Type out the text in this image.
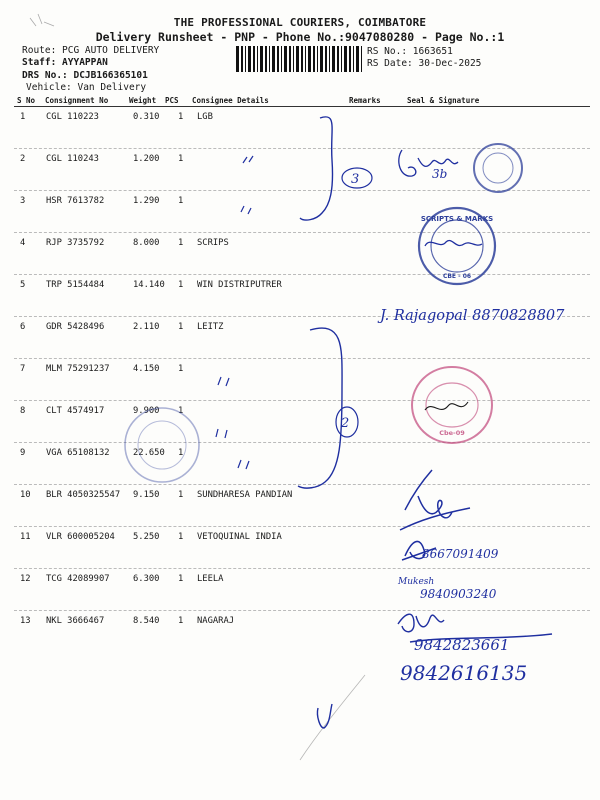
THE PROFESSIONAL COURIERS, COIMBATORE
Delivery Runsheet - PNP - Phone No.:9047080280 - Page No.:1
Route: PCG AUTO DELIVERY
Staff: AYYAPPAN
DRS No.: DCJB166365101
Vehicle: Van Delivery
RS No.: 1663651
RS Date: 30-Dec-2025
S No Consignment No	Weight PCS Consignee Details	Remarks	Seal & Signature
1 CGL 110223	0.310 1 LGB
2 CGL 110243	1.200 1
3 HSR 7613782	1.290 1
4 RJP 3735792	8.000 1 SCRIPS
5 TRP 5154484	14.140 1 WIN DISTRIPUTRER
6 GDR 5428496	2.110 1 LEITZ
7 MLM 75291237	4.150 1
8 CLT 4574917	9.900 1
9 VGA 65108132	22.650 1
10 BLR 4050325547 9.150 1 SUNDHARESA PANDIAN
11 VLR 600005204 5.250 1 VETOQUINAL INDIA
12 TCG 42089907	6.300 1 LEELA
13 NKL 3666467	8.540 1 NAGARAJ
3
2
3b
SCRIPTS & MARKS
CBE - 06
J. Rajagopal 8870828807
Cbe-09
8667091409
Mukesh
9840903240
9842823661
9842616135
